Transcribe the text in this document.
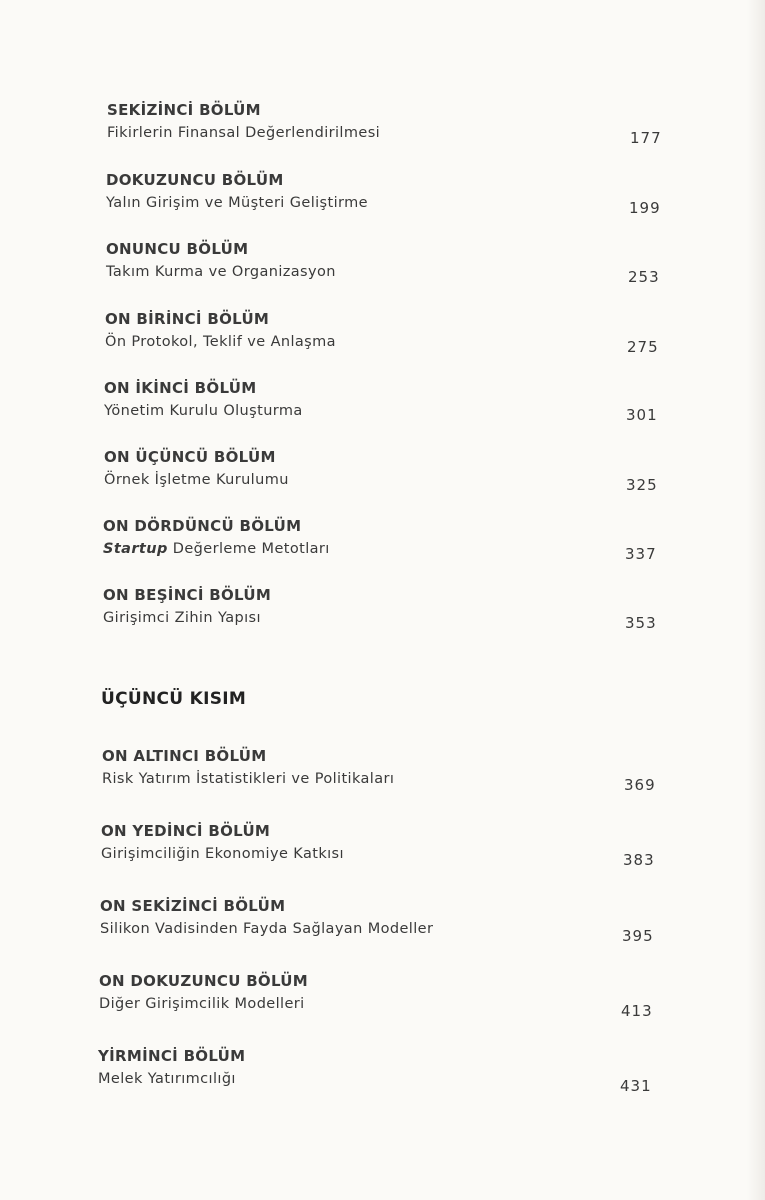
SEKİZİNCİ BÖLÜM
Fikirlerin Finansal Değerlendirilmesi	177
DOKUZUNCU BÖLÜM
Yalın Girişim ve Müşteri Geliştirme	199
ONUNCU BÖLÜM
Takım Kurma ve Organizasyon	253
ON BİRİNCİ BÖLÜM
Ön Protokol, Teklif ve Anlaşma	275
ON İKİNCİ BÖLÜM
Yönetim Kurulu Oluşturma	301
ON ÜÇÜNCÜ BÖLÜM
Örnek İşletme Kurulumu	325
ON DÖRDÜNCÜ BÖLÜM
Startup Değerleme Metotları	337
ON BEŞİNCİ BÖLÜM
Girişimci Zihin Yapısı	353
ÜÇÜNCÜ KISIM
ON ALTINCI BÖLÜM
Risk Yatırım İstatistikleri ve Politikaları	369
ON YEDİNCİ BÖLÜM
Girişimciliğin Ekonomiye Katkısı	383
ON SEKİZİNCİ BÖLÜM
Silikon Vadisinden Fayda Sağlayan Modeller	395
ON DOKUZUNCU BÖLÜM
Diğer Girişimcilik Modelleri	413
YİRMİNCİ BÖLÜM
Melek Yatırımcılığı	431
